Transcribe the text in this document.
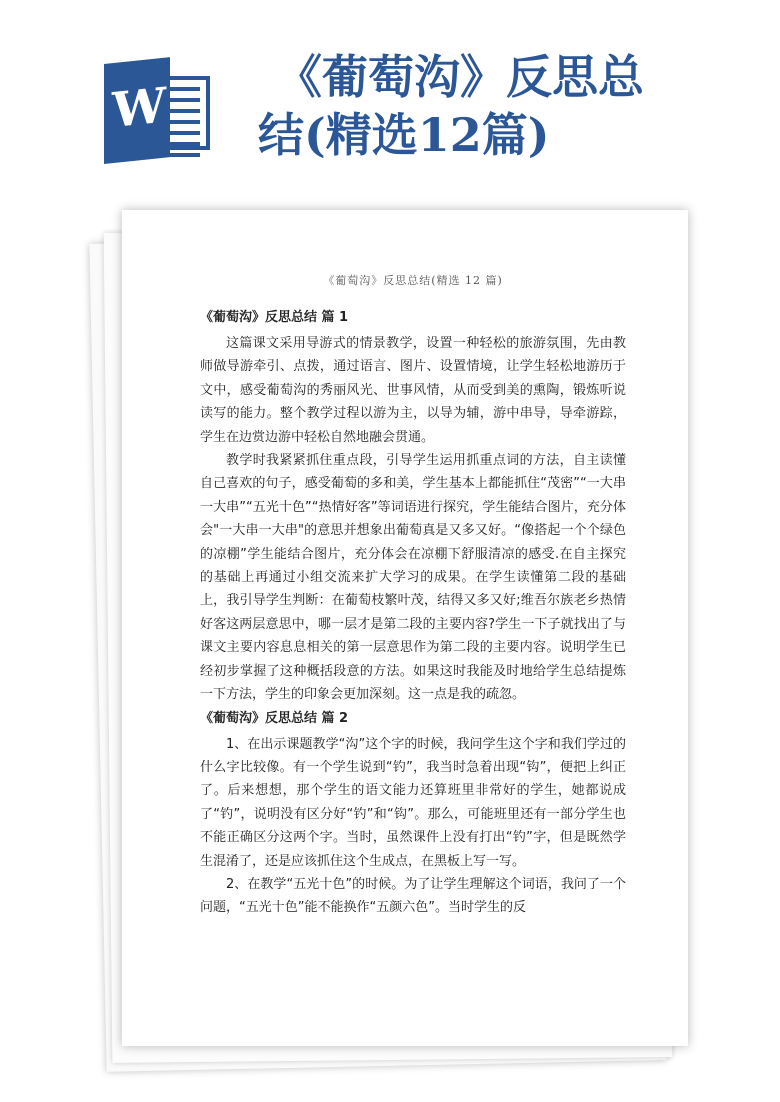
W
《葡萄沟》反思总
结(精选12篇)
《葡萄沟》反思总结(精选 12 篇)
《葡萄沟》反思总结 篇 1

这篇课文采用导游式的情景教学，设置一种轻松的旅游氛围，先由教师做导游牵引、点拨，通过语言、图片、设置情境，让学生轻松地游历于文中，感受葡萄沟的秀丽风光、世事风情，从而受到美的熏陶，锻炼听说读写的能力。整个教学过程以游为主，以导为辅，游中串导，导牵游踪，学生在边赏边游中轻松自然地融会贯通。

教学时我紧紧抓住重点段，引导学生运用抓重点词的方法，自主读懂自己喜欢的句子，感受葡萄的多和美，学生基本上都能抓住“茂密”“一大串一大串”“五光十色”“热情好客”等词语进行探究，学生能结合图片，充分体会"一大串一大串"的意思并想象出葡萄真是又多又好。“像搭起一个个绿色的凉棚”学生能结合图片，充分体会在凉棚下舒服清凉的感受.在自主探究的基础上再通过小组交流来扩大学习的成果。在学生读懂第二段的基础上，我引导学生判断：在葡萄枝繁叶茂，结得又多又好;维吾尔族老乡热情好客这两层意思中，哪一层才是第二段的主要内容?学生一下子就找出了与课文主要内容息息相关的第一层意思作为第二段的主要内容。说明学生已经初步掌握了这种概括段意的方法。如果这时我能及时地给学生总结提炼一下方法，学生的印象会更加深刻。这一点是我的疏忽。

《葡萄沟》反思总结 篇 2

1、在出示课题教学“沟”这个字的时候，我问学生这个字和我们学过的什么字比较像。有一个学生说到“钓”，我当时急着出现“钩”，便把上纠正了。后来想想，那个学生的语文能力还算班里非常好的学生，她都说成了“钓”，说明没有区分好“钓”和“钩”。那么，可能班里还有一部分学生也不能正确区分这两个字。当时，虽然课件上没有打出“钓”字，但是既然学生混淆了，还是应该抓住这个生成点，在黑板上写一写。

2、在教学“五光十色”的时候。为了让学生理解这个词语，我问了一个问题，“五光十色”能不能换作“五颜六色”。当时学生的反
